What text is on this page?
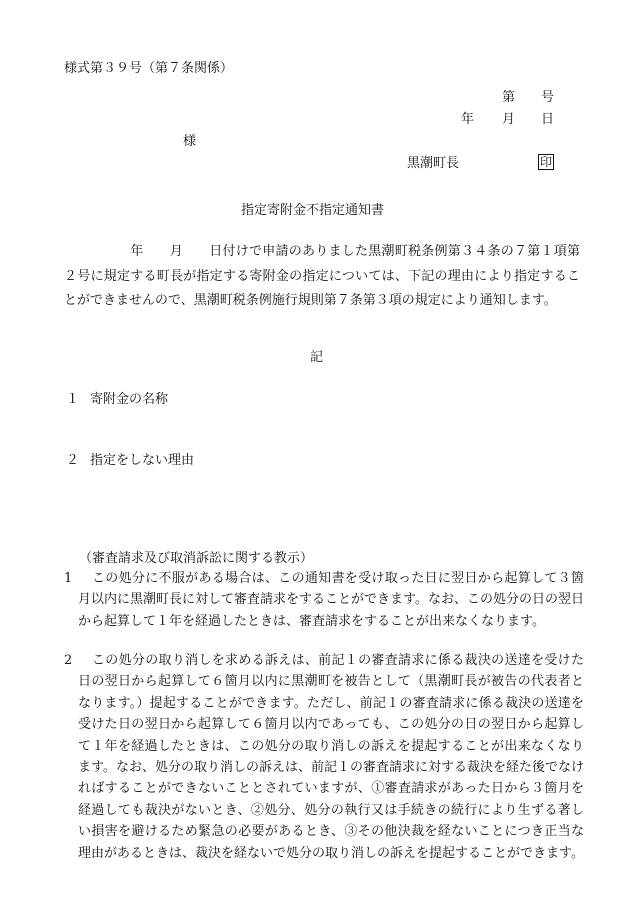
様式第３９号（第７条関係）
第 号
年 月 日
様
黒潮町長	印
指定寄附金不指定通知書
年 月 日付けで申請のありました黒潮町税条例第３４条の７第１項第２号に規定する町長が指定する寄附金の指定については、下記の理由により指定することができませんので、黒潮町税条例施行規則第７条第３項の規定により通知します。
記
１ 寄附金の名称
２ 指定をしない理由
（審査請求及び取消訴訟に関する教示）
1	この処分に不服がある場合は、この通知書を受け取った日に翌日から起算して３箇月以内に黒潮町長に対して審査請求をすることができます。なお、この処分の日の翌日から起算して１年を経過したときは、審査請求をすることが出来なくなります。
2	この処分の取り消しを求める訴えは、前記１の審査請求に係る裁決の送達を受けた日の翌日から起算して６箇月以内に黒潮町を被告として（黒潮町長が被告の代表者となります。）提起することができます。ただし、前記１の審査請求に係る裁決の送達を受けた日の翌日から起算して６箇月以内であっても、この処分の日の翌日から起算して１年を経過したときは、この処分の取り消しの訴えを提起することが出来なくなります。なお、処分の取り消しの訴えは、前記１の審査請求に対する裁決を経た後でなければすることができないこととされていますが、①審査請求があった日から３箇月を経過しても裁決がないとき、②処分、処分の執行又は手続きの続行により生ずる著しい損害を避けるため緊急の必要があるとき、③その他決裁を経ないことにつき正当な理由があるときは、裁決を経ないで処分の取り消しの訴えを提起することができます。
